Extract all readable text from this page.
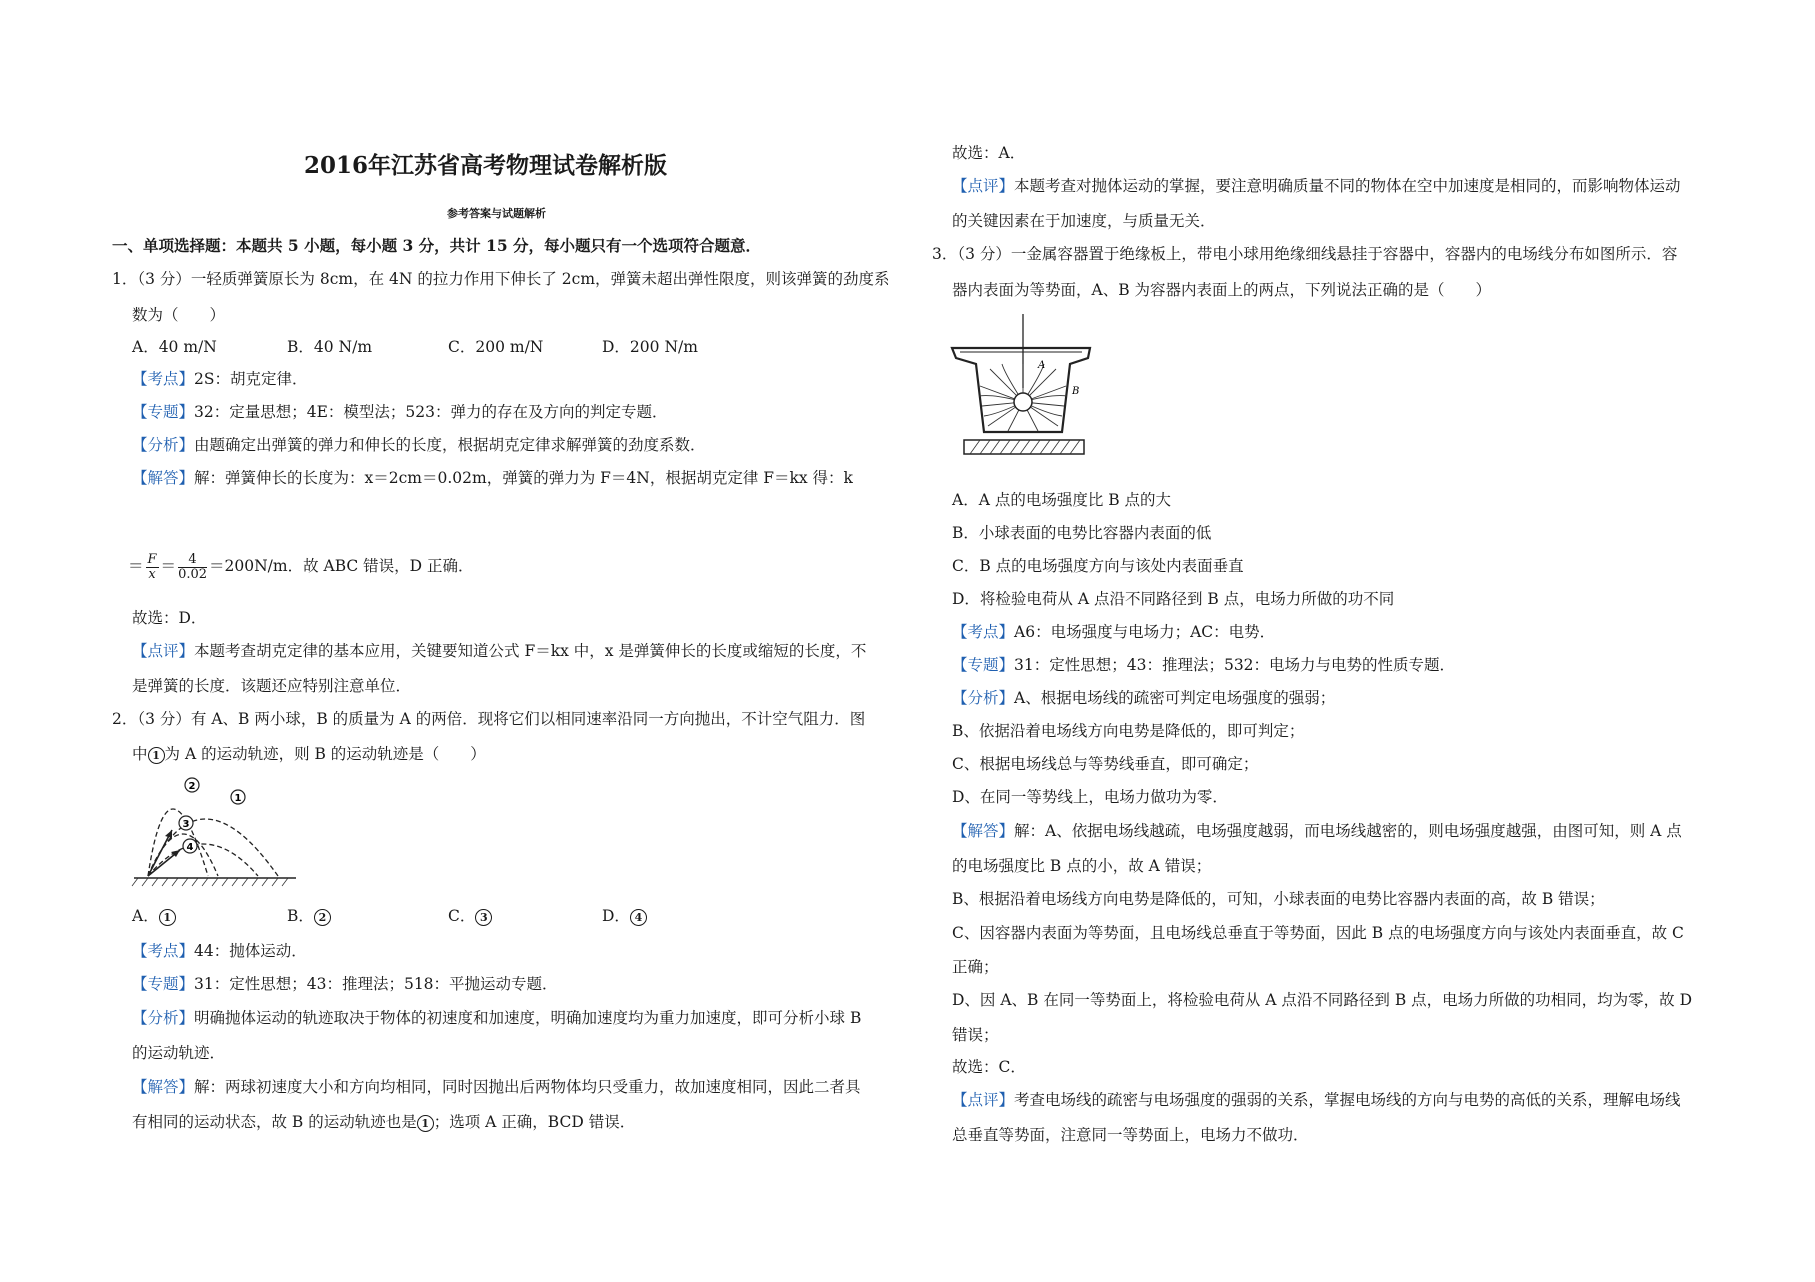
2016年江苏省高考物理试卷解析版
参考答案与试题解析
一、单项选择题：本题共 5 小题，每小题 3 分，共计 15 分，每小题只有一个选项符合题意．
1．（3 分）一轻质弹簧原长为 8cm，在 4N 的拉力作用下伸长了 2cm，弹簧未超出弹性限度，则该弹簧的劲度系
数为（　　）
A．40 m/N	B．40 N/m	C．200 m/N	D．200 N/m
【考点】2S：胡克定律．
【专题】32：定量思想；4E：模型法；523：弹力的存在及方向的判定专题．
【分析】由题确定出弹簧的弹力和伸长的长度，根据胡克定律求解弹簧的劲度系数．
【解答】解：弹簧伸长的长度为：x＝2cm＝0.02m，弹簧的弹力为 F＝4N，根据胡克定律 F＝kx 得：k
＝ $\frac{F}{x} = \frac{4}{0.02} =200N/m$．故 ABC 错误，D 正确．
故选：D．
【点评】本题考查胡克定律的基本应用，关键要知道公式 F＝kx 中，x 是弹簧伸长的长度或缩短的长度，不
是弹簧的长度．该题还应特别注意单位．
2．（3 分）有 A、B 两小球，B 的质量为 A 的两倍．现将它们以相同速率沿同一方向抛出，不计空气阻力．图
中 1 为 A 的运动轨迹，则 B 的运动轨迹是（　　）
1
2
3
4
A． 1	B． 2	C． 3	D． 4
【考点】44：抛体运动．
【专题】31：定性思想；43：推理法；518：平抛运动专题．
【分析】明确抛体运动的轨迹取决于物体的初速度和加速度，明确加速度均为重力加速度，即可分析小球 B
的运动轨迹．
【解答】解：两球初速度大小和方向均相同，同时因抛出后两物体均只受重力，故加速度相同，因此二者具
有相同的运动状态，故 B 的运动轨迹也是 1 ；选项 A 正确，BCD 错误．
故选：A．
【点评】本题考查对抛体运动的掌握，要注意明确质量不同的物体在空中加速度是相同的，而影响物体运动
的关键因素在于加速度，与质量无关．
3．（3 分）一金属容器置于绝缘板上，带电小球用绝缘细线悬挂于容器中，容器内的电场线分布如图所示．容
器内表面为等势面，A、B 为容器内表面上的两点，下列说法正确的是（　　）
A
B
A．A 点的电场强度比 B 点的大
B．小球表面的电势比容器内表面的低
C．B 点的电场强度方向与该处内表面垂直
D．将检验电荷从 A 点沿不同路径到 B 点，电场力所做的功不同
【考点】A6：电场强度与电场力；AC：电势．
【专题】31：定性思想；43：推理法；532：电场力与电势的性质专题．
【分析】A、根据电场线的疏密可判定电场强度的强弱；
B、依据沿着电场线方向电势是降低的，即可判定；
C、根据电场线总与等势线垂直，即可确定；
D、在同一等势线上，电场力做功为零．
【解答】解：A、依据电场线越疏，电场强度越弱，而电场线越密的，则电场强度越强，由图可知，则 A 点
的电场强度比 B 点的小，故 A 错误；
B、根据沿着电场线方向电势是降低的，可知，小球表面的电势比容器内表面的高，故 B 错误；
C、因容器内表面为等势面，且电场线总垂直于等势面，因此 B 点的电场强度方向与该处内表面垂直，故 C
正确；
D、因 A、B 在同一等势面上，将检验电荷从 A 点沿不同路径到 B 点，电场力所做的功相同，均为零，故 D
错误；
故选：C．
【点评】考查电场线的疏密与电场强度的强弱的关系，掌握电场线的方向与电势的高低的关系，理解电场线
总垂直等势面，注意同一等势面上，电场力不做功．
